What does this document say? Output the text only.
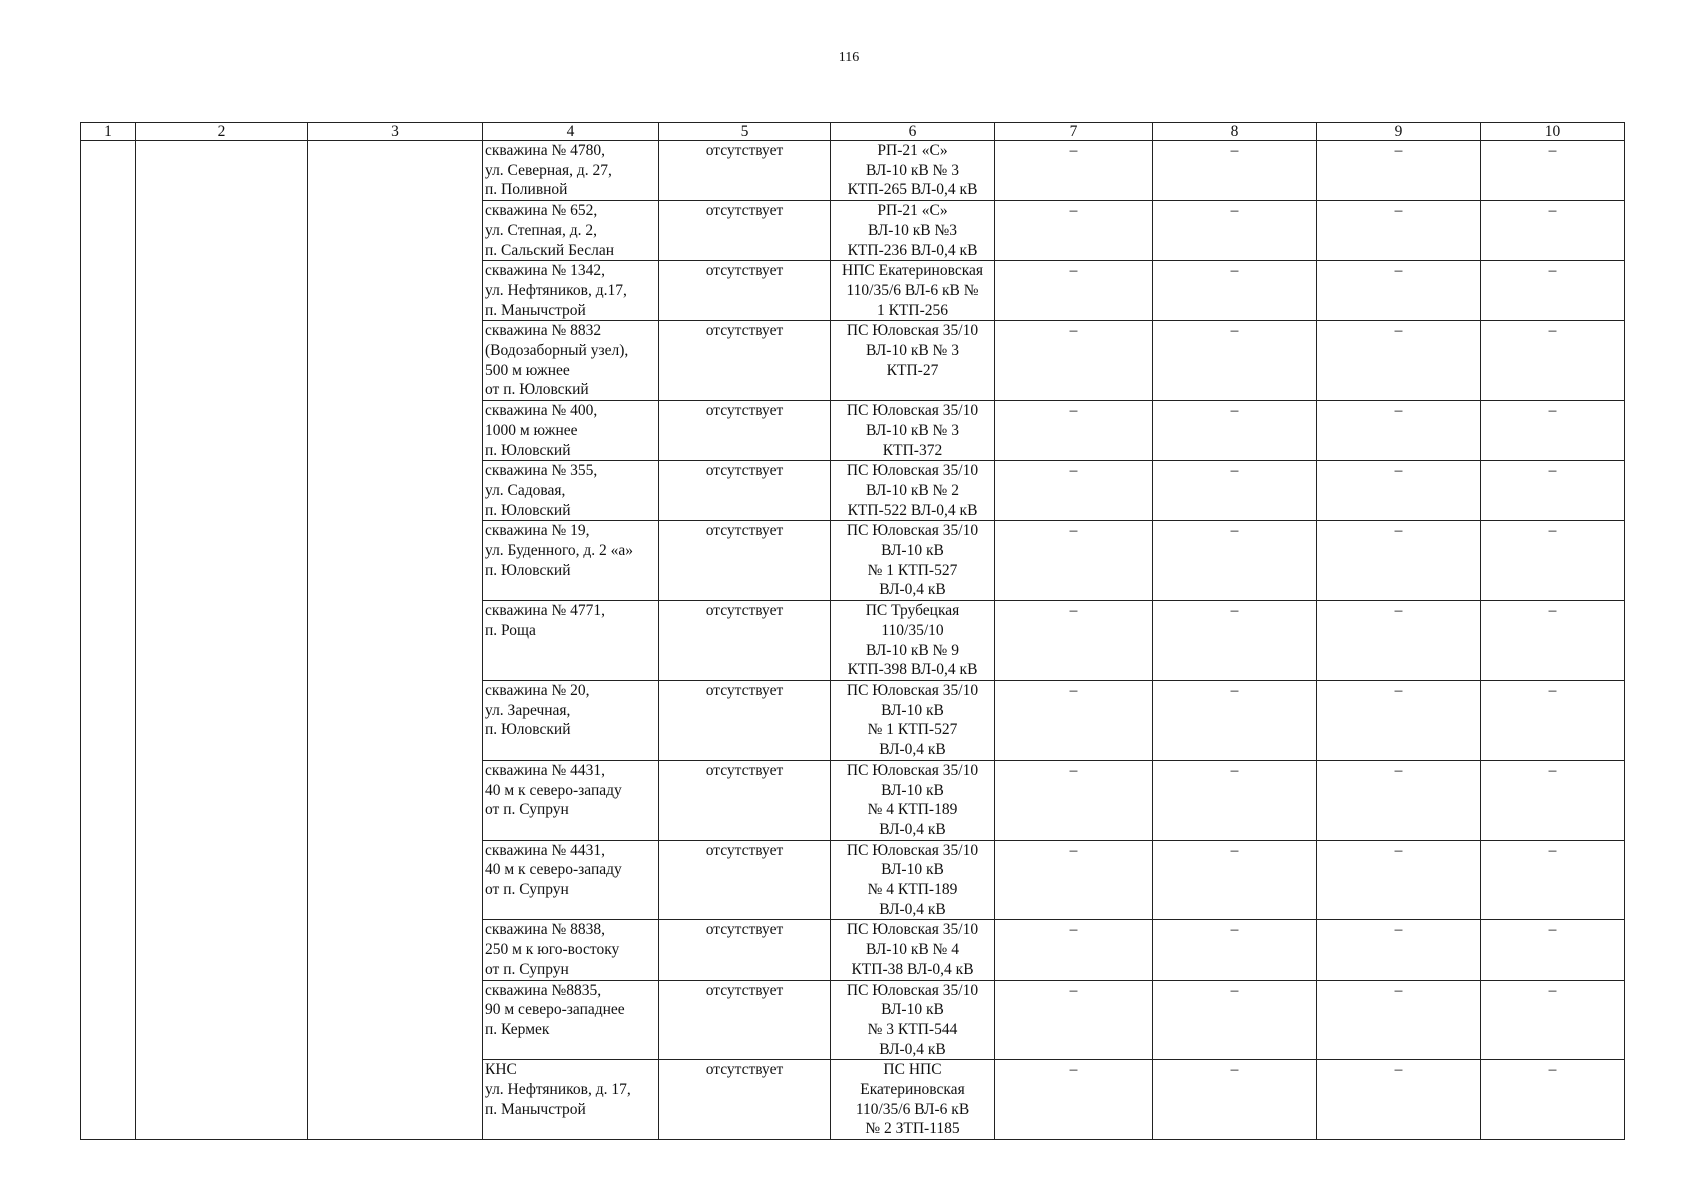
116
1	2	3	4	5	6	7	8	9	10
			скважина № 4780,
ул. Северная, д. 27,
п. Поливной	отсутствует	РП-21 «С»
ВЛ-10 кВ № 3
КТП-265 ВЛ-0,4 кВ	–	–	–	–
			скважина № 652,
ул. Степная, д. 2,
п. Сальский Беслан	отсутствует	РП-21 «С»
ВЛ-10 кВ №3
КТП-236 ВЛ-0,4 кВ	–	–	–	–
			скважина № 1342,
ул. Нефтяников, д.17,
п. Манычстрой	отсутствует	НПС Екатериновская
110/35/6 ВЛ-6 кВ №
1 КТП-256	–	–	–	–
			скважина № 8832
(Водозаборный узел),
500 м южнее
от п. Юловский	отсутствует	ПС Юловская 35/10
ВЛ-10 кВ № 3
КТП-27	–	–	–	–
			скважина № 400,
1000 м южнее
п. Юловский	отсутствует	ПС Юловская 35/10
ВЛ-10 кВ № 3
КТП-372	–	–	–	–
			скважина № 355,
ул. Садовая,
п. Юловский	отсутствует	ПС Юловская 35/10
ВЛ-10 кВ № 2
КТП-522 ВЛ-0,4 кВ	–	–	–	–
			скважина № 19,
ул. Буденного, д. 2 «а»
п. Юловский	отсутствует	ПС Юловская 35/10
ВЛ-10 кВ
№ 1 КТП-527
ВЛ-0,4 кВ	–	–	–	–
			скважина № 4771,
п. Роща	отсутствует	ПС Трубецкая
110/35/10
ВЛ-10 кВ № 9
КТП-398 ВЛ-0,4 кВ	–	–	–	–
			скважина № 20,
ул. Заречная,
п. Юловский	отсутствует	ПС Юловская 35/10
ВЛ-10 кВ
№ 1 КТП-527
ВЛ-0,4 кВ	–	–	–	–
			скважина № 4431,
40 м к северо-западу
от п. Супрун	отсутствует	ПС Юловская 35/10
ВЛ-10 кВ
№ 4 КТП-189
ВЛ-0,4 кВ	–	–	–	–
			скважина № 4431,
40 м к северо-западу
от п. Супрун	отсутствует	ПС Юловская 35/10
ВЛ-10 кВ
№ 4 КТП-189
ВЛ-0,4 кВ	–	–	–	–
			скважина № 8838,
250 м к юго-востоку
от п. Супрун	отсутствует	ПС Юловская 35/10
ВЛ-10 кВ № 4
КТП-38 ВЛ-0,4 кВ	–	–	–	–
			скважина №8835,
90 м северо-западнее
п. Кермек	отсутствует	ПС Юловская 35/10
ВЛ-10 кВ
№ 3 КТП-544
ВЛ-0,4 кВ	–	–	–	–
			КНС
ул. Нефтяников, д. 17,
п. Манычстрой	отсутствует	ПС НПС
Екатериновская
110/35/6 ВЛ-6 кВ
№ 2 ЗТП-1185	–	–	–	–
